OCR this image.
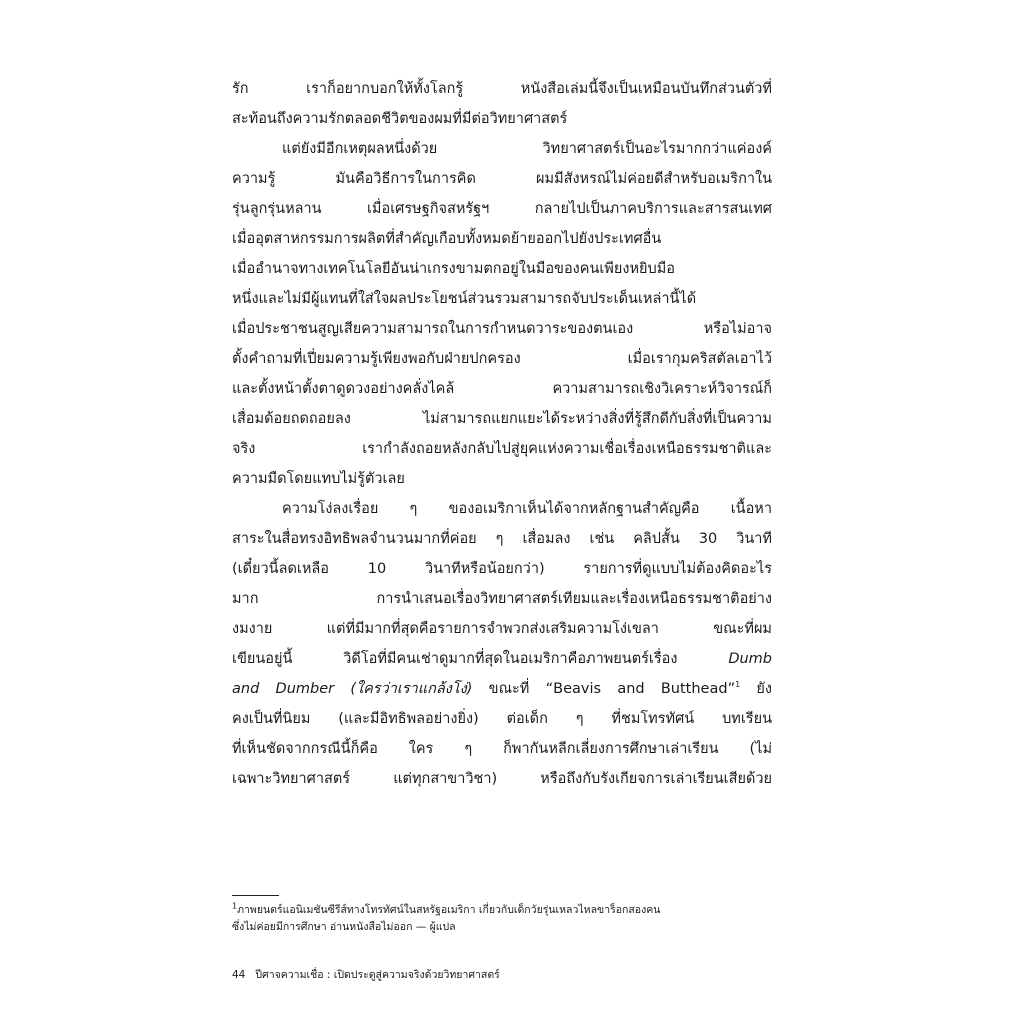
รัก เราก็อยากบอกให้ทั้งโลกรู้ หนังสือเล่มนี้จึงเป็นเหมือนบันทึกส่วนตัวที่
สะท้อนถึงความรักตลอดชีวิตของผมที่มีต่อวิทยาศาสตร์
แต่ยังมีอีกเหตุผลหนึ่งด้วย วิทยาศาสตร์เป็นอะไรมากกว่าแค่องค์
ความรู้ มันคือวิธีการในการคิด ผมมีสังหรณ์ไม่ค่อยดีสำหรับอเมริกาใน
รุ่นลูกรุ่นหลาน เมื่อเศรษฐกิจสหรัฐฯ กลายไปเป็นภาคบริการและสารสนเทศ
เมื่ออุตสาหกรรมการผลิตที่สำคัญเกือบทั้งหมดย้ายออกไปยังประเทศอื่น
เมื่ออำนาจทางเทคโนโลยีอันน่าเกรงขามตกอยู่ในมือของคนเพียงหยิบมือ
หนึ่งและไม่มีผู้แทนที่ใส่ใจผลประโยชน์ส่วนรวมสามารถจับประเด็นเหล่านี้ได้
เมื่อประชาชนสูญเสียความสามารถในการกำหนดวาระของตนเอง หรือไม่อาจ
ตั้งคำถามที่เปี่ยมความรู้เพียงพอกับฝ่ายปกครอง เมื่อเรากุมคริสตัลเอาไว้
และตั้งหน้าตั้งตาดูดวงอย่างคลั่งไคล้ ความสามารถเชิงวิเคราะห์วิจารณ์ก็
เสื่อมด้อยถดถอยลง ไม่สามารถแยกแยะได้ระหว่างสิ่งที่รู้สึกดีกับสิ่งที่เป็นความ
จริง เรากำลังถอยหลังกลับไปสู่ยุคแห่งความเชื่อเรื่องเหนือธรรมชาติและ
ความมืดโดยแทบไม่รู้ตัวเลย
ความโง่ลงเรื่อย ๆ ของอเมริกาเห็นได้จากหลักฐานสำคัญคือ เนื้อหา
สาระในสื่อทรงอิทธิพลจำนวนมากที่ค่อย ๆ เสื่อมลง เช่น คลิปสั้น 30 วินาที
(เดี๋ยวนี้ลดเหลือ 10 วินาทีหรือน้อยกว่า) รายการที่ดูแบบไม่ต้องคิดอะไร
มาก การนำเสนอเรื่องวิทยาศาสตร์เทียมและเรื่องเหนือธรรมชาติอย่าง
งมงาย แต่ที่มีมากที่สุดคือรายการจำพวกส่งเสริมความโง่เขลา ขณะที่ผม
เขียนอยู่นี้ วิดีโอที่มีคนเช่าดูมากที่สุดในอเมริกาคือภาพยนตร์เรื่อง	Dumb
and Dumber (ใครว่าเราแกล้งโง่) ขณะที่ “Beavis and Butthead”$^1$ ยัง
คงเป็นที่นิยม (และมีอิทธิพลอย่างยิ่ง) ต่อเด็ก ๆ ที่ชมโทรทัศน์ บทเรียน
ที่เห็นชัดจากกรณีนี้ก็คือ ใคร ๆ ก็พากันหลีกเลี่ยงการศึกษาเล่าเรียน (ไม่
เฉพาะวิทยาศาสตร์ แต่ทุกสาขาวิชา) หรือถึงกับรังเกียจการเล่าเรียนเสียด้วย
$^1$ภาพยนตร์แอนิเมชันซีรีส์ทางโทรทัศน์ในสหรัฐอเมริกา เกี่ยวกับเด็กวัยรุ่นเหลวไหลขาร็อกสองคน
ซึ่งไม่ค่อยมีการศึกษา อ่านหนังสือไม่ออก — ผู้แปล
44 ปีศาจความเชื่อ : เปิดประตูสู่ความจริงด้วยวิทยาศาสตร์
